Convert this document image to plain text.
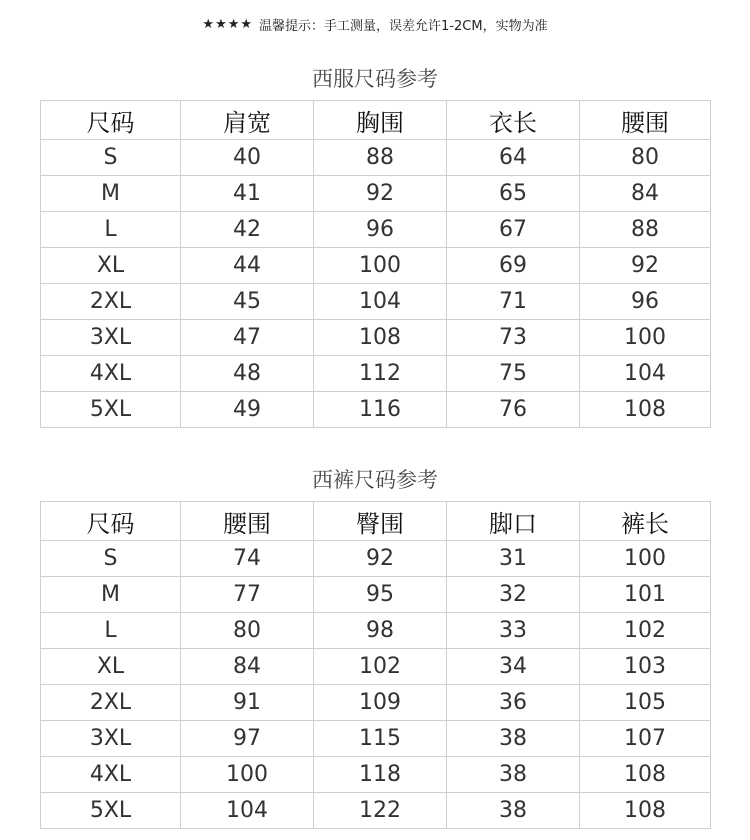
★★★★ 温馨提示：手工测量，误差允许1-2CM，实物为准
西服尺码参考
尺码	肩宽	胸围	衣长	腰围
S	40	88	64	80
M	41	92	65	84
L	42	96	67	88
XL	44	100	69	92
2XL	45	104	71	96
3XL	47	108	73	100
4XL	48	112	75	104
5XL	49	116	76	108
西裤尺码参考
尺码	腰围	臀围	脚口	裤长
S	74	92	31	100
M	77	95	32	101
L	80	98	33	102
XL	84	102	34	103
2XL	91	109	36	105
3XL	97	115	38	107
4XL	100	118	38	108
5XL	104	122	38	108
